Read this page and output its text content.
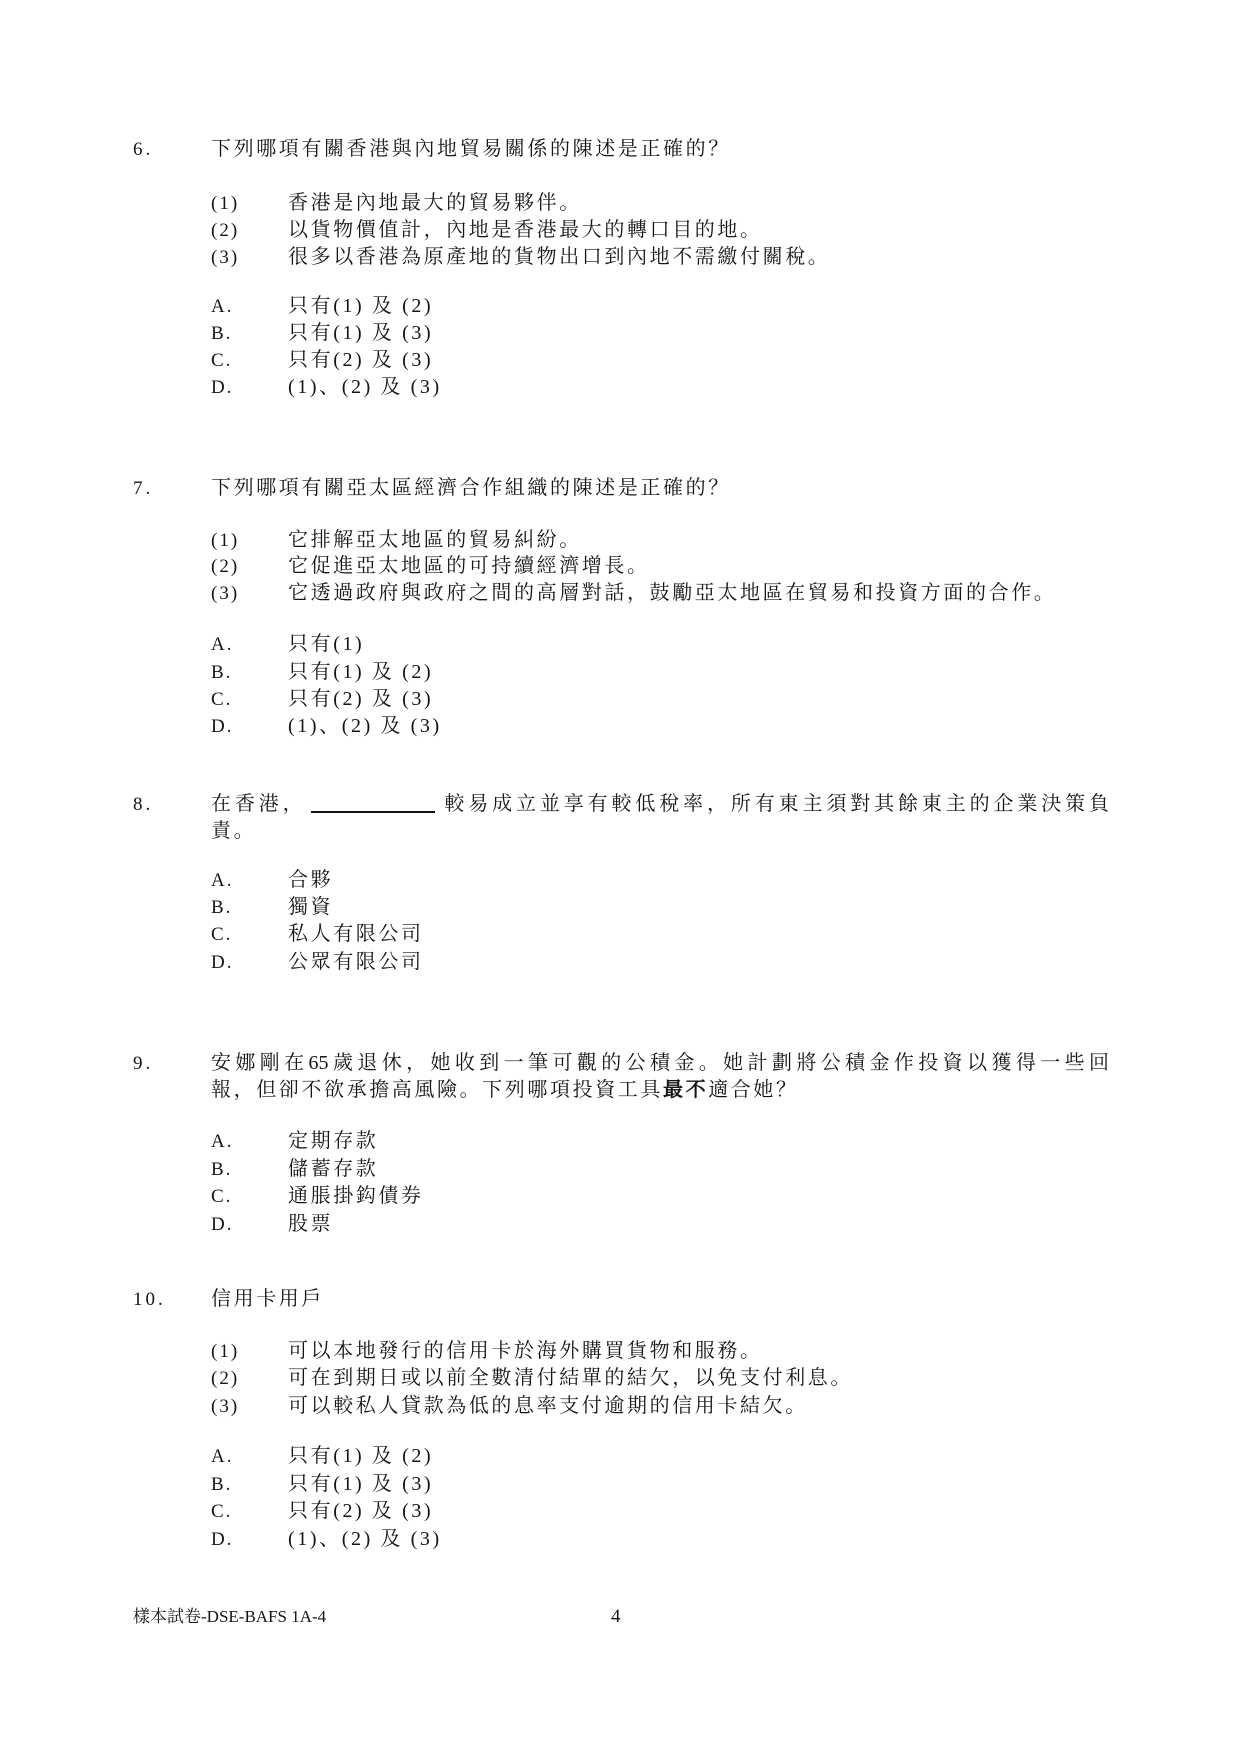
6.	下列哪項有關香港與內地貿易關係的陳述是正確的？
(1) 香港是內地最大的貿易夥伴。
(2) 以貨物價值計，內地是香港最大的轉口目的地。
(3) 很多以香港為原產地的貨物出口到內地不需繳付關稅。
A.	只有(1) 及 (2)
B.	只有(1) 及 (3)
C.	只有(2) 及 (3)
D.	(1)、(2) 及 (3)
7.	下列哪項有關亞太區經濟合作組織的陳述是正確的？
(1) 它排解亞太地區的貿易糾紛。
(2) 它促進亞太地區的可持續經濟增長。
(3) 它透過政府與政府之間的高層對話，鼓勵亞太地區在貿易和投資方面的合作。
A.	只有(1)
B.	只有(1) 及 (2)
C.	只有(2) 及 (3)
D.	(1)、(2) 及 (3)
8.	在香港，	較易成立並享有較低稅率，所有東主須對其餘東主的企業決策負
責。
A.	合夥
B.	獨資
C.	私人有限公司
D.	公眾有限公司
9.	安娜剛在65歲退休，她收到一筆可觀的公積金。她計劃將公積金作投資以獲得一些回
報，但卻不欲承擔高風險。下列哪項投資工具最不適合她？
A.	定期存款
B.	儲蓄存款
C.	通脹掛鈎債券
D.	股票
10. 信用卡用戶
(1) 可以本地發行的信用卡於海外購買貨物和服務。
(2) 可在到期日或以前全數清付結單的結欠，以免支付利息。
(3) 可以較私人貸款為低的息率支付逾期的信用卡結欠。
A.	只有(1) 及 (2)
B.	只有(1) 及 (3)
C.	只有(2) 及 (3)
D.	(1)、(2) 及 (3)
樣本試卷-DSE-BAFS 1A-4	4
